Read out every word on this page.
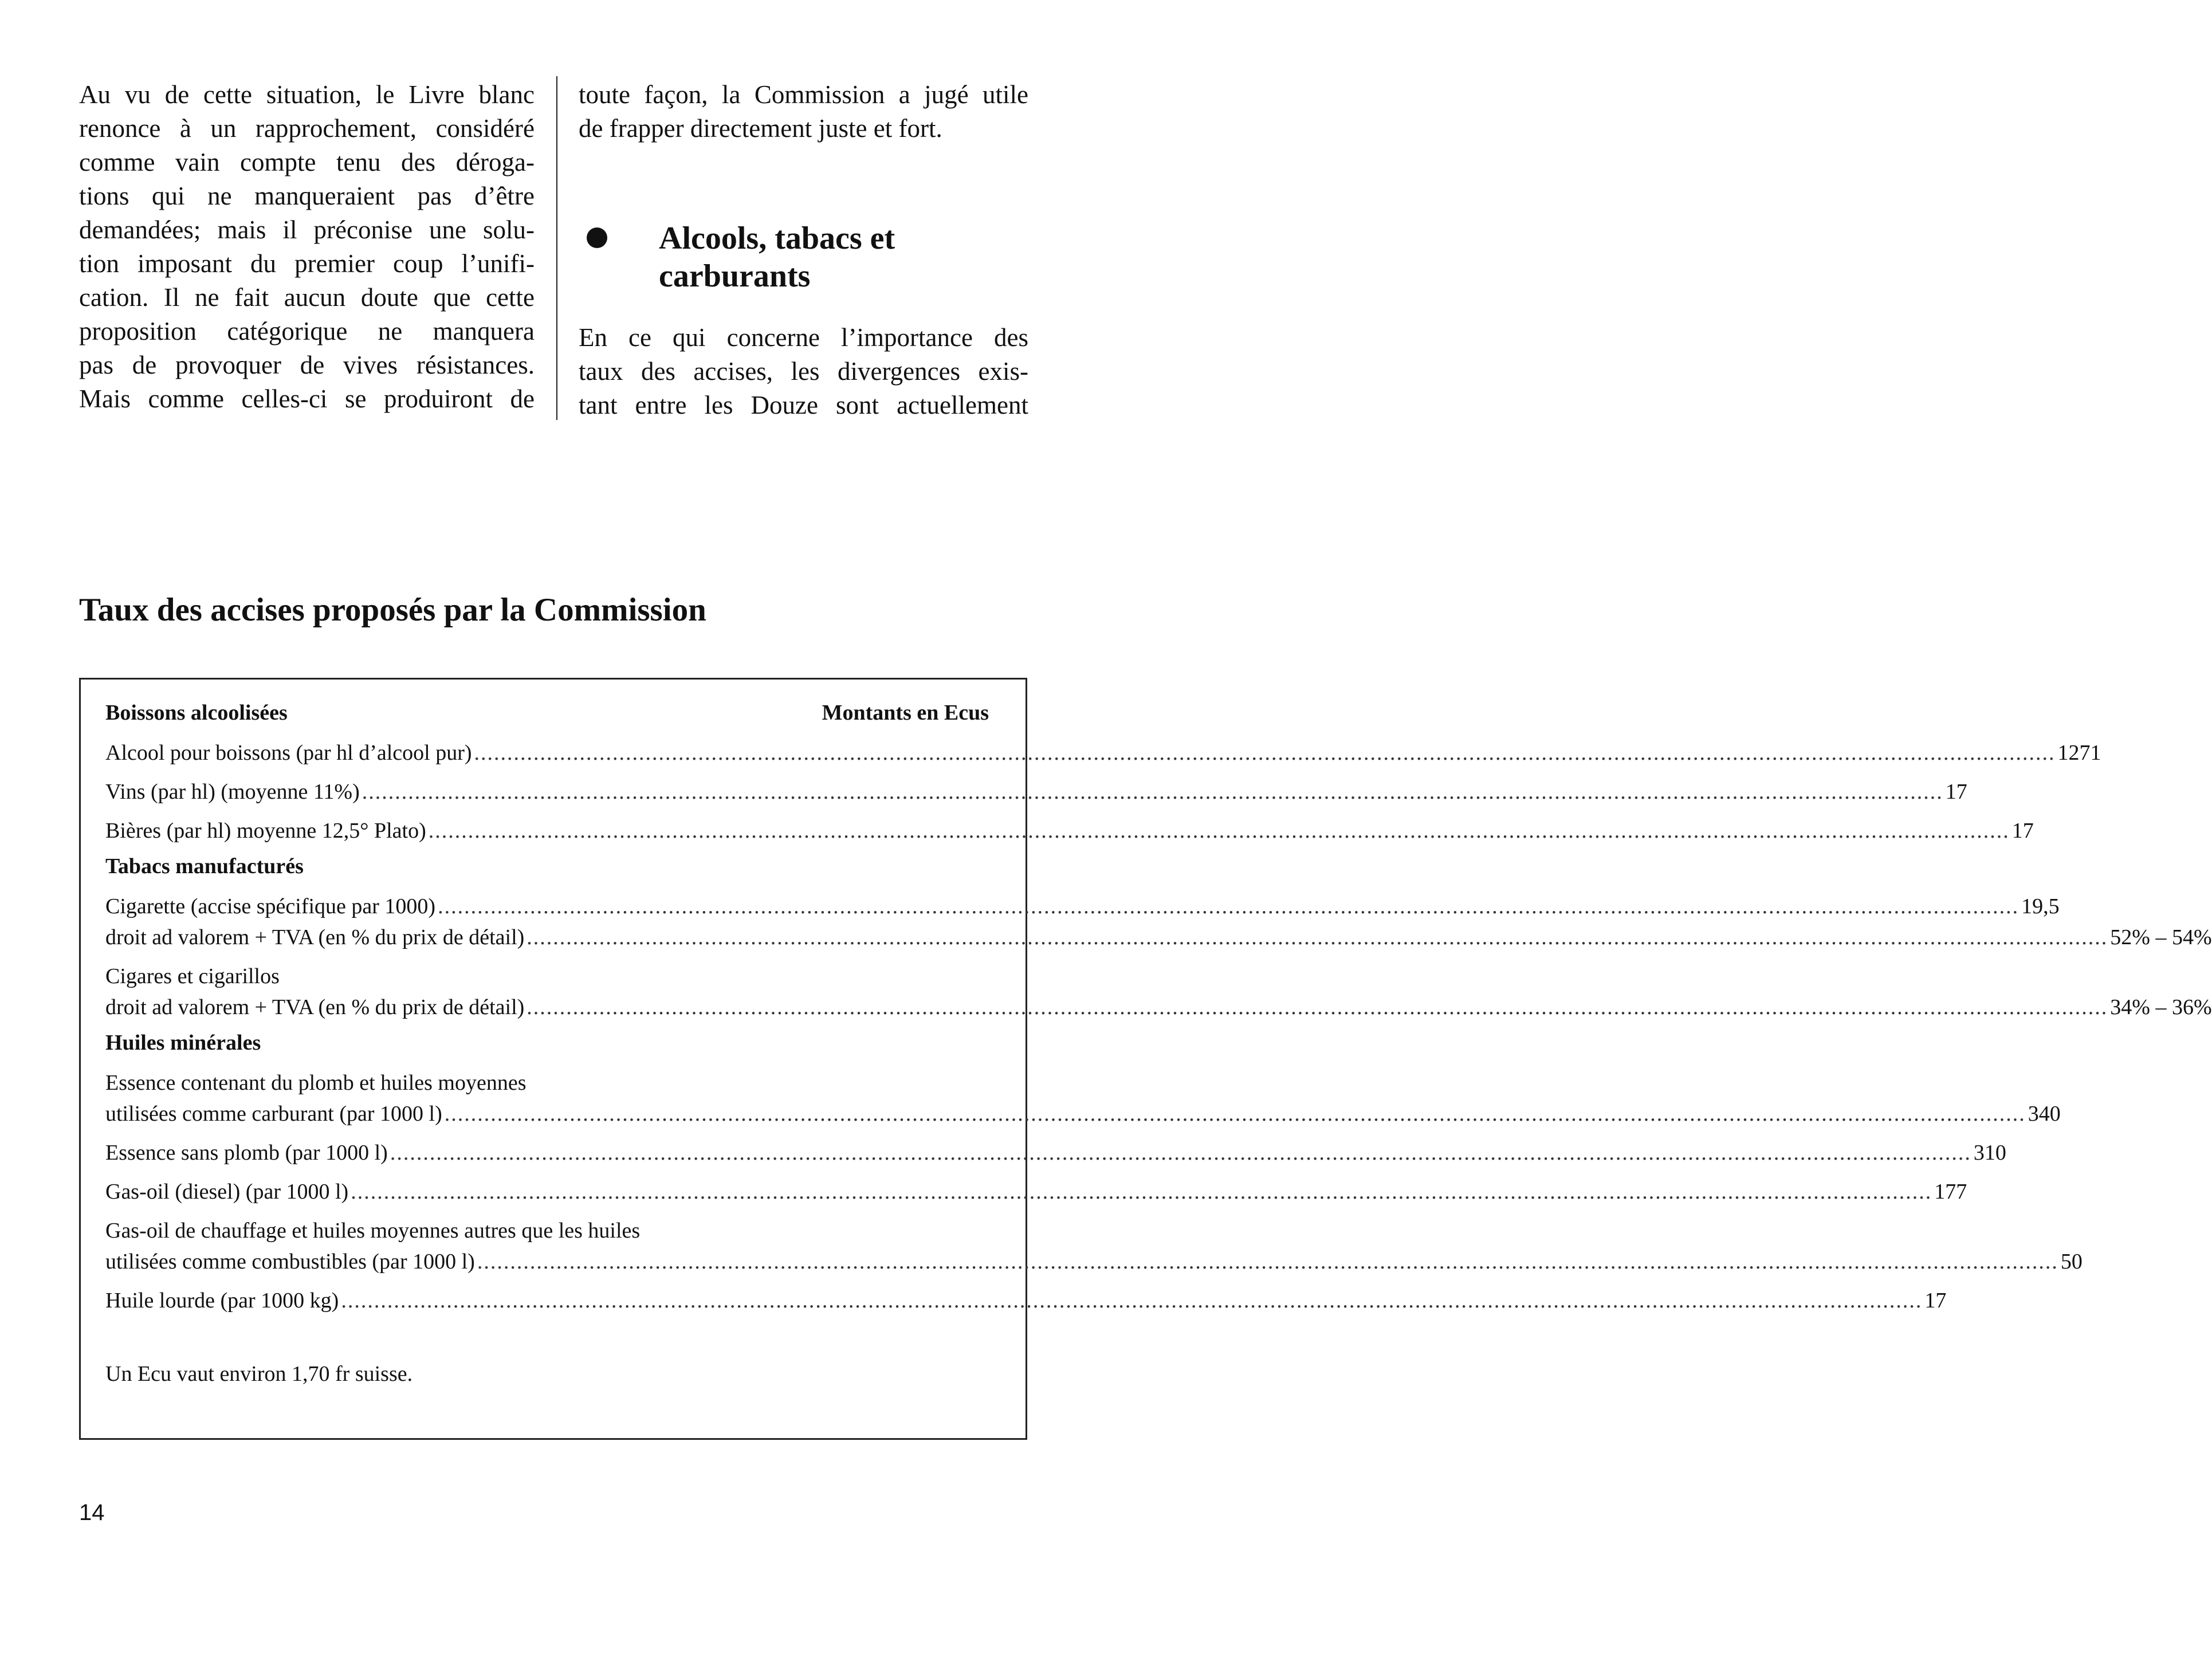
Au vu de cette situation, le Livre blanc
renonce à un rapprochement, considéré
comme vain compte tenu des déroga-
tions qui ne manqueraient pas d’être
demandées; mais il préconise une solu-
tion imposant du premier coup l’unifi-
cation. Il ne fait aucun doute que cette
proposition catégorique ne manquera
pas de provoquer de vives résistances.
Mais comme celles-ci se produiront de
toute façon, la Commission a jugé utile
de frapper directement juste et fort.
Alcools, tabacs et carburants
En ce qui concerne l’importance des
taux des accises, les divergences exis-
tant entre les Douze sont actuellement
Taux des accises proposés par la Commission
Boissons alcoolisées	Montants en Ecus
Alcool pour boissons (par hl d’alcool pur) ................................................................................................................................................................................................................................................ 1271
Vins (par hl) (moyenne 11%) ................................................................................................................................................................................................................................................ 17
Bières (par hl) moyenne 12,5° Plato) ................................................................................................................................................................................................................................................ 17
Tabacs manufacturés
Cigarette (accise spécifique par 1000) ................................................................................................................................................................................................................................................ 19,5
droit ad valorem + TVA (en % du prix de détail) ................................................................................................................................................................................................................................................ 52% – 54%
Cigares et cigarillos
droit ad valorem + TVA (en % du prix de détail) ................................................................................................................................................................................................................................................ 34% – 36%
Huiles minérales
Essence contenant du plomb et huiles moyennes
utilisées comme carburant (par 1000 l) ................................................................................................................................................................................................................................................ 340
Essence sans plomb (par 1000 l) ................................................................................................................................................................................................................................................ 310
Gas-oil (diesel) (par 1000 l) ................................................................................................................................................................................................................................................ 177
Gas-oil de chauffage et huiles moyennes autres que les huiles
utilisées comme combustibles (par 1000 l) ................................................................................................................................................................................................................................................ 50
Huile lourde (par 1000 kg) ................................................................................................................................................................................................................................................ 17
Un Ecu vaut environ 1,70 fr suisse.
14
